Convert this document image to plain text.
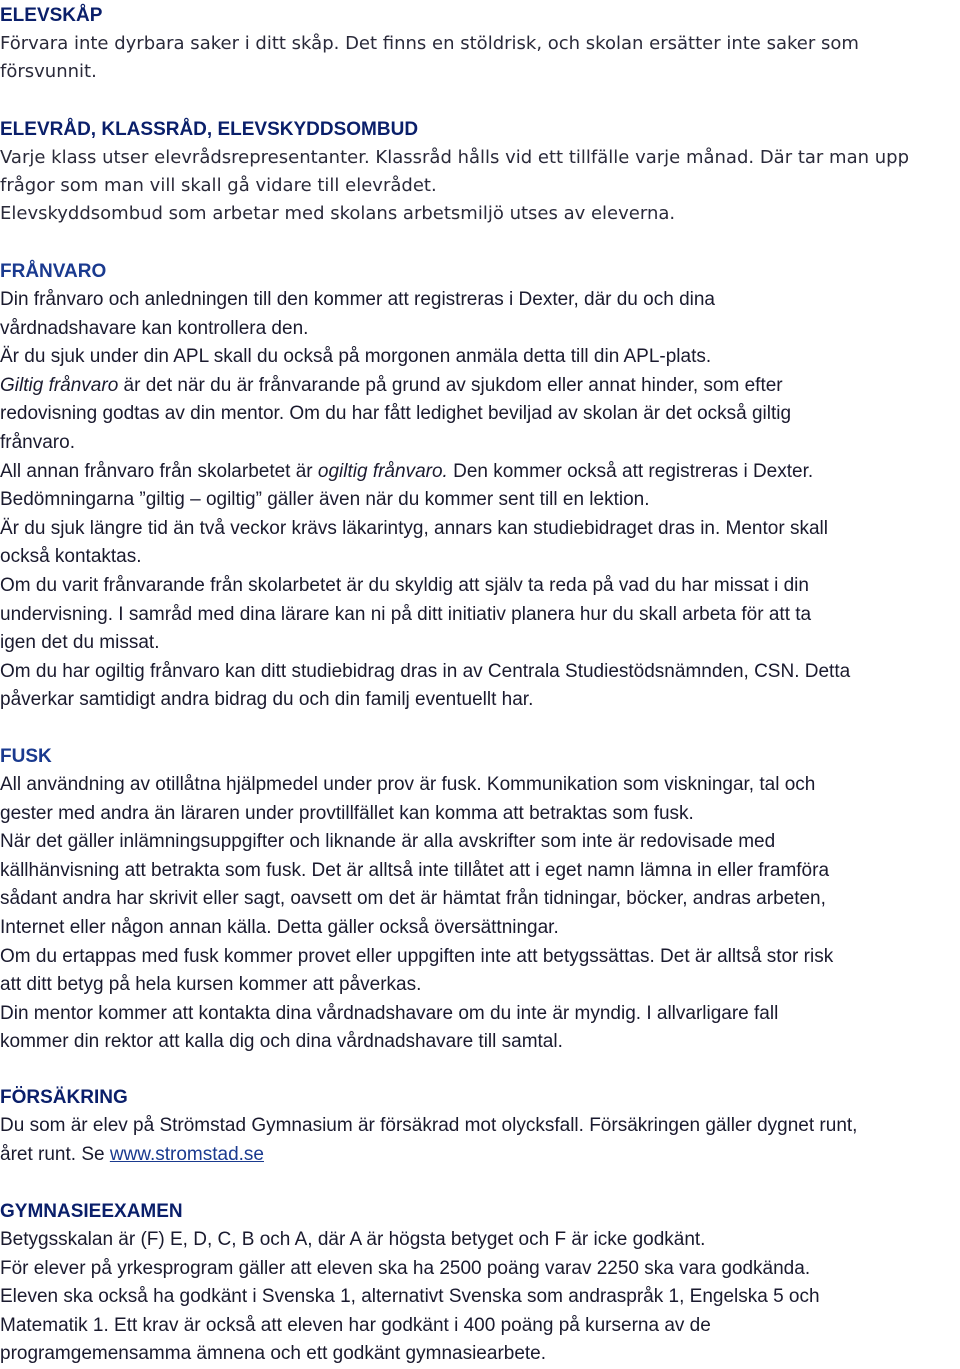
ELEVSKÅP

Förvara inte dyrbara saker i ditt skåp. Det finns en stöldrisk, och skolan ersätter inte saker som

försvunnit.

ELEVRÅD, KLASSRÅD, ELEVSKYDDSOMBUD

Varje klass utser elevrådsrepresentanter. Klassråd hålls vid ett tillfälle varje månad. Där tar man upp

frågor som man vill skall gå vidare till elevrådet.

Elevskyddsombud som arbetar med skolans arbetsmiljö utses av eleverna.

FRÅNVARO

Din frånvaro och anledningen till den kommer att registreras i Dexter, där du och dina

vårdnadshavare kan kontrollera den.

Är du sjuk under din APL skall du också på morgonen anmäla detta till din APL-plats.

Giltig frånvaro är det när du är frånvarande på grund av sjukdom eller annat hinder, som efter

redovisning godtas av din mentor. Om du har fått ledighet beviljad av skolan är det också giltig

frånvaro.

All annan frånvaro från skolarbetet är ogiltig frånvaro. Den kommer också att registreras i Dexter.

Bedömningarna ”giltig – ogiltig” gäller även när du kommer sent till en lektion.

Är du sjuk längre tid än två veckor krävs läkarintyg, annars kan studiebidraget dras in. Mentor skall

också kontaktas.

Om du varit frånvarande från skolarbetet är du skyldig att själv ta reda på vad du har missat i din

undervisning. I samråd med dina lärare kan ni på ditt initiativ planera hur du skall arbeta för att ta

igen det du missat.

Om du har ogiltig frånvaro kan ditt studiebidrag dras in av Centrala Studiestödsnämnden, CSN. Detta

påverkar samtidigt andra bidrag du och din familj eventuellt har.

FUSK

All användning av otillåtna hjälpmedel under prov är fusk. Kommunikation som viskningar, tal och

gester med andra än läraren under provtillfället kan komma att betraktas som fusk.

När det gäller inlämningsuppgifter och liknande är alla avskrifter som inte är redovisade med

källhänvisning att betrakta som fusk. Det är alltså inte tillåtet att i eget namn lämna in eller framföra

sådant andra har skrivit eller sagt, oavsett om det är hämtat från tidningar, böcker, andras arbeten,

Internet eller någon annan källa. Detta gäller också översättningar.

Om du ertappas med fusk kommer provet eller uppgiften inte att betygssättas. Det är alltså stor risk

att ditt betyg på hela kursen kommer att påverkas.

Din mentor kommer att kontakta dina vårdnadshavare om du inte är myndig. I allvarligare fall

kommer din rektor att kalla dig och dina vårdnadshavare till samtal.

FÖRSÄKRING

Du som är elev på Strömstad Gymnasium är försäkrad mot olycksfall. Försäkringen gäller dygnet runt,

året runt. Se www.stromstad.se

GYMNASIEEXAMEN

Betygsskalan är (F) E, D, C, B och A, där A är högsta betyget och F är icke godkänt.

För elever på yrkesprogram gäller att eleven ska ha 2500 poäng varav 2250 ska vara godkända.

Eleven ska också ha godkänt i Svenska 1, alternativt Svenska som andraspråk 1, Engelska 5 och

Matematik 1. Ett krav är också att eleven har godkänt i 400 poäng på kurserna av de

programgemensamma ämnena och ett godkänt gymnasiearbete.
